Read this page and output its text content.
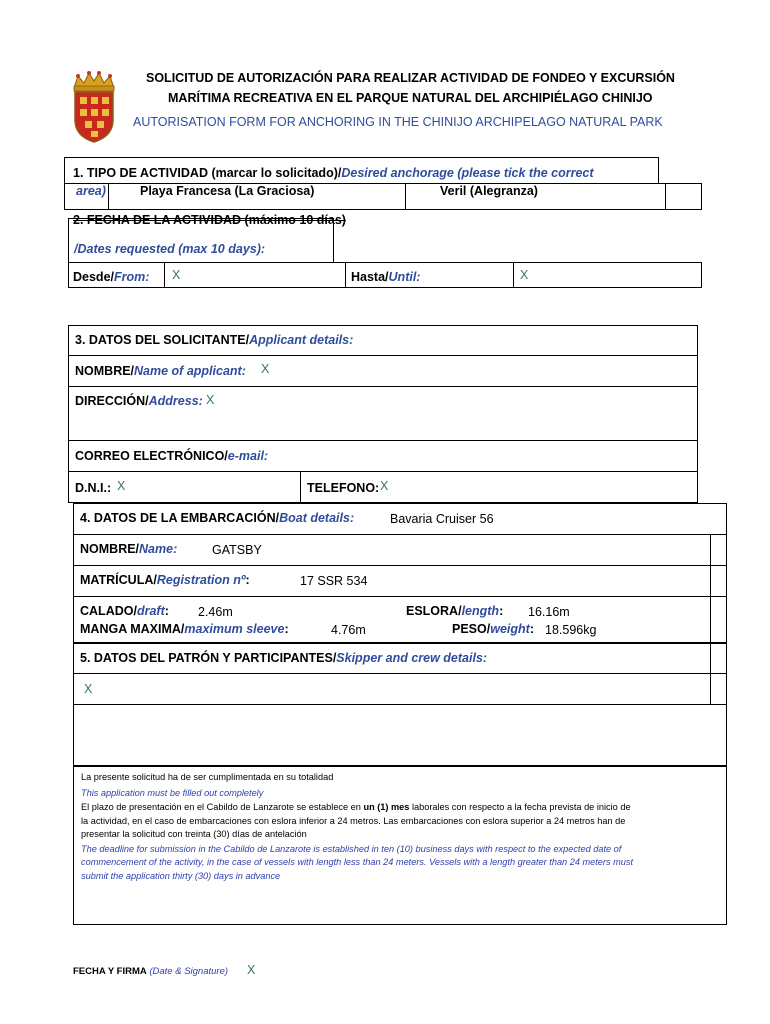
SOLICITUD DE AUTORIZACIÓN PARA REALIZAR ACTIVIDAD DE FONDEO Y EXCURSIÓN
MARÍTIMA RECREATIVA EN EL PARQUE NATURAL DEL ARCHIPIÉLAGO CHINIJO
AUTORISATION FORM FOR ANCHORING IN THE CHINIJO ARCHIPELAGO NATURAL PARK
1. TIPO DE ACTIVIDAD (marcar lo solicitado)/Desired anchorage (please tick the correct
area)	Playa Francesa (La Graciosa)	Veril (Alegranza)
2. FECHA DE LA ACTIVIDAD (máximo 10 días)
/Dates requested (max 10 days):
Desde/From: X	Hasta/Until:	X
3. DATOS DEL SOLICITANTE/Applicant details:
NOMBRE/Name of applicant: X
DIRECCIÓN/Address: X
CORREO ELECTRÓNICO/e-mail:
D.N.I.: X	TELEFONO: X
4. DATOS DE LA EMBARCACIÓN/Boat details:	Bavaria Cruiser 56
NOMBRE/Name:	GATSBY
MATRÍCULA/Registration nº:	17 SSR 534
CALADO/draft: 2.46m	ESLORA/length: 16.16m
MANGA MAXIMA/maximum sleeve:	4.76m	PESO/weight: 18.596kg
5. DATOS DEL PATRÓN Y PARTICIPANTES/Skipper and crew details:
X
La presente solicitud ha de ser cumplimentada en su totalidad
This application must be filled out completely
El plazo de presentación en el Cabildo de Lanzarote se establece en un (1) mes laborales con respecto a la fecha prevista de inicio de
la actividad, en el caso de embarcaciones con eslora inferior a 24 metros. Las embarcaciones con eslora superior a 24 metros han de
presentar la solicitud con treinta (30) días de antelación
The deadline for submission in the Cabildo de Lanzarote is established in ten (10) business days with respect to the expected date of
commencement of the activity, in the case of vessels with length less than 24 meters. Vessels with a length greater than 24 meters must
submit the application thirty (30) days in advance
FECHA Y FIRMA (Date & Signature) X
